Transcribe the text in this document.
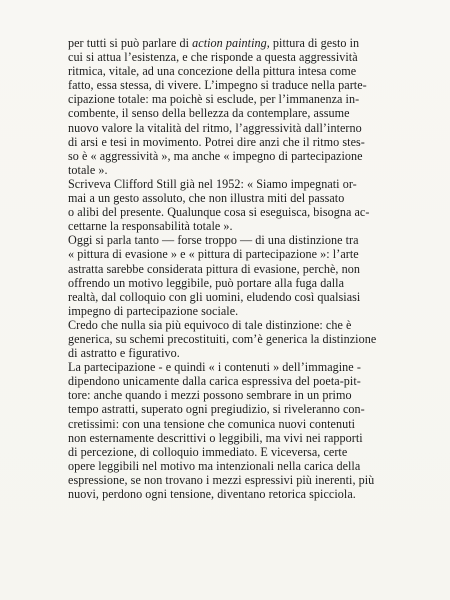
per tutti si può parlare di action painting, pittura di gesto in
cui si attua l’esistenza, e che risponde a questa aggressività
ritmica, vitale, ad una concezione della pittura intesa come
fatto, essa stessa, di vivere. L’impegno si traduce nella parte-
cipazione totale: ma poichè si esclude, per l’immanenza in-
combente, il senso della bellezza da contemplare, assume
nuovo valore la vitalità del ritmo, l’aggressività dall’interno
di arsi e tesi in movimento. Potrei dire anzi che il ritmo stes-
so è « aggressività », ma anche « impegno di partecipazione
totale ».
Scriveva Clifford Still già nel 1952: « Siamo impegnati or-
mai a un gesto assoluto, che non illustra miti del passato
o alibi del presente. Qualunque cosa si eseguisca, bisogna ac-
cettarne la responsabilità totale ».
Oggi si parla tanto — forse troppo — di una distinzione tra
« pittura di evasione » e « pittura di partecipazione »: l’arte
astratta sarebbe considerata pittura di evasione, perchè, non
offrendo un motivo leggibile, può portare alla fuga dalla
realtà, dal colloquio con gli uomini, eludendo così qualsiasi
impegno di partecipazione sociale.
Credo che nulla sia più equivoco di tale distinzione: che è
generica, su schemi precostituiti, com’è generica la distinzione
di astratto e figurativo.
La partecipazione - e quindi « i contenuti » dell’immagine -
dipendono unicamente dalla carica espressiva del poeta-pit-
tore: anche quando i mezzi possono sembrare in un primo
tempo astratti, superato ogni pregiudizio, si riveleranno con-
cretissimi: con una tensione che comunica nuovi contenuti
non esternamente descrittivi o leggibili, ma vivi nei rapporti
di percezione, di colloquio immediato. E viceversa, certe
opere leggibili nel motivo ma intenzionali nella carica della
espressione, se non trovano i mezzi espressivi più inerenti, più
nuovi, perdono ogni tensione, diventano retorica spicciola.
